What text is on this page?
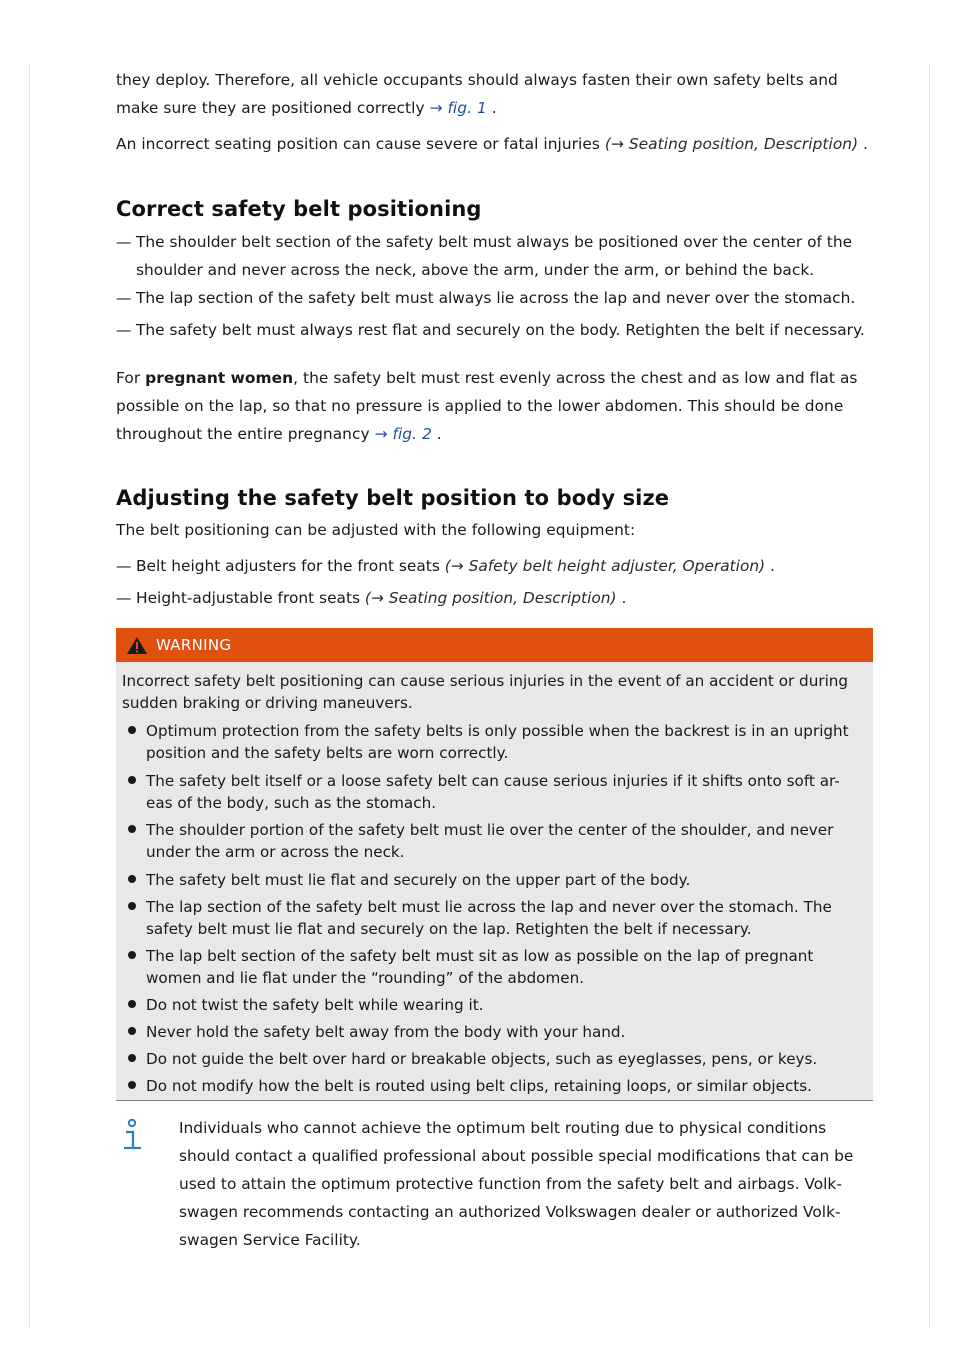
they deploy. Therefore, all vehicle occupants should always fasten their own safety belts and

make sure they are positioned correctly → fig. 1 .

An incorrect seating position can cause severe or fatal injuries (→ Seating position, Description) .

Correct safety belt positioning
— The shoulder belt section of the safety belt must always be positioned over the center of the
shoulder and never across the neck, above the arm, under the arm, or behind the back.
— The lap section of the safety belt must always lie across the lap and never over the stomach.
— The safety belt must always rest flat and securely on the body. Retighten the belt if necessary.

For pregnant women, the safety belt must rest evenly across the chest and as low and flat as

possible on the lap, so that no pressure is applied to the lower abdomen. This should be done

throughout the entire pregnancy → fig. 2 .

Adjusting the safety belt position to body size

The belt positioning can be adjusted with the following equipment:

— Belt height adjusters for the front seats (→ Safety belt height adjuster, Operation) .
— Height-adjustable front seats (→ Seating position, Description) .
WARNING
Incorrect safety belt positioning can cause serious injuries in the event of an accident or during
sudden braking or driving maneuvers.
Optimum protection from the safety belts is only possible when the backrest is in an upright
position and the safety belts are worn correctly.
The safety belt itself or a loose safety belt can cause serious injuries if it shifts onto soft ar-
eas of the body, such as the stomach.
The shoulder portion of the safety belt must lie over the center of the shoulder, and never
under the arm or across the neck.
The safety belt must lie flat and securely on the upper part of the body.
The lap section of the safety belt must lie across the lap and never over the stomach. The
safety belt must lie flat and securely on the lap. Retighten the belt if necessary.
The lap belt section of the safety belt must sit as low as possible on the lap of pregnant
women and lie flat under the “rounding” of the abdomen.
Do not twist the safety belt while wearing it.
Never hold the safety belt away from the body with your hand.
Do not guide the belt over hard or breakable objects, such as eyeglasses, pens, or keys.
Do not modify how the belt is routed using belt clips, retaining loops, or similar objects.
Individuals who cannot achieve the optimum belt routing due to physical conditions
should contact a qualified professional about possible special modifications that can be
used to attain the optimum protective function from the safety belt and airbags. Volk-
swagen recommends contacting an authorized Volkswagen dealer or authorized Volk-
swagen Service Facility.
